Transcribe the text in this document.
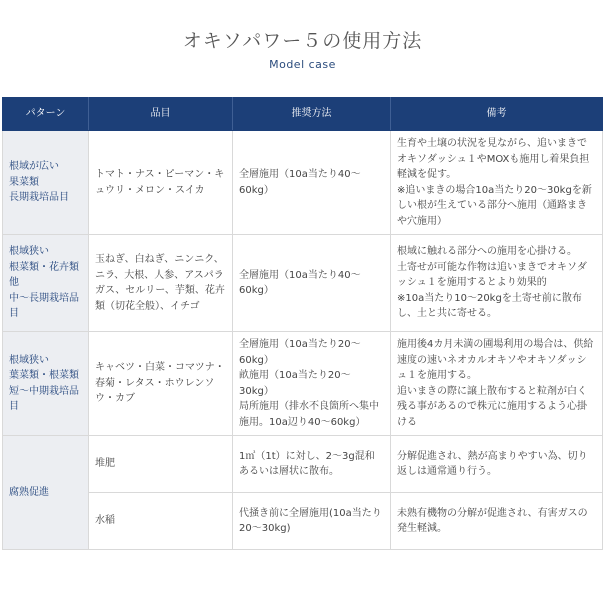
オキソパワー５の使用方法
Model case
パターン	品目	推奨方法	備考
根域が広い
果菜類
長期栽培品目	トマト・ナス・ピーマン・キュウリ・メロン・スイカ	全層施用（10a当たり40～60kg）	生育や土壌の状況を見ながら、追いまきでオキソダッシュ１やMOXも施用し着果負担軽減を促す。
※追いまきの場合10a当たり20～30kgを新しい根が生えている部分へ施用（通路まきや穴施用）
根域狭い
根菜類・花卉類他
中～長期栽培品目	玉ねぎ、白ねぎ、ニンニク、ニラ、大根、人参、アスパラガス、セルリー、芋類、花卉類（切花全般）、イチゴ	全層施用（10a当たり40～60kg）	根域に触れる部分への施用を心掛ける。
土寄せが可能な作物は追いまきでオキソダッシュ１を施用するとより効果的
※10a当たり10～20kgを土寄せ前に散布し、土と共に寄せる。
根域狭い
葉菜類・根菜類
短～中期栽培品目	キャベツ・白菜・コマツナ・春菊・レタス・ホウレンソウ・カブ	全層施用（10a当たり20～60kg）
畝施用（10a当たり20～30kg）
局所施用（排水不良箇所へ集中施用。10a辺り40～60kg）	施用後4カ月未満の圃場利用の場合は、供給速度の速いネオカルオキソやオキソダッシュ１を施用する。
追いまきの際に譲上散布すると粒剤が白く残る事があるので株元に施用するよう心掛ける
腐熟促進	堆肥	1㎥（1t）に対し、2～3g混和あるいは層状に散布。	分解促進され、熱が高まりやすい為、切り返しは通常通り行う。
	水稲	代掻き前に全層施用(10a当たり20～30kg)	未熟有機物の分解が促進され、有害ガスの発生軽減。
